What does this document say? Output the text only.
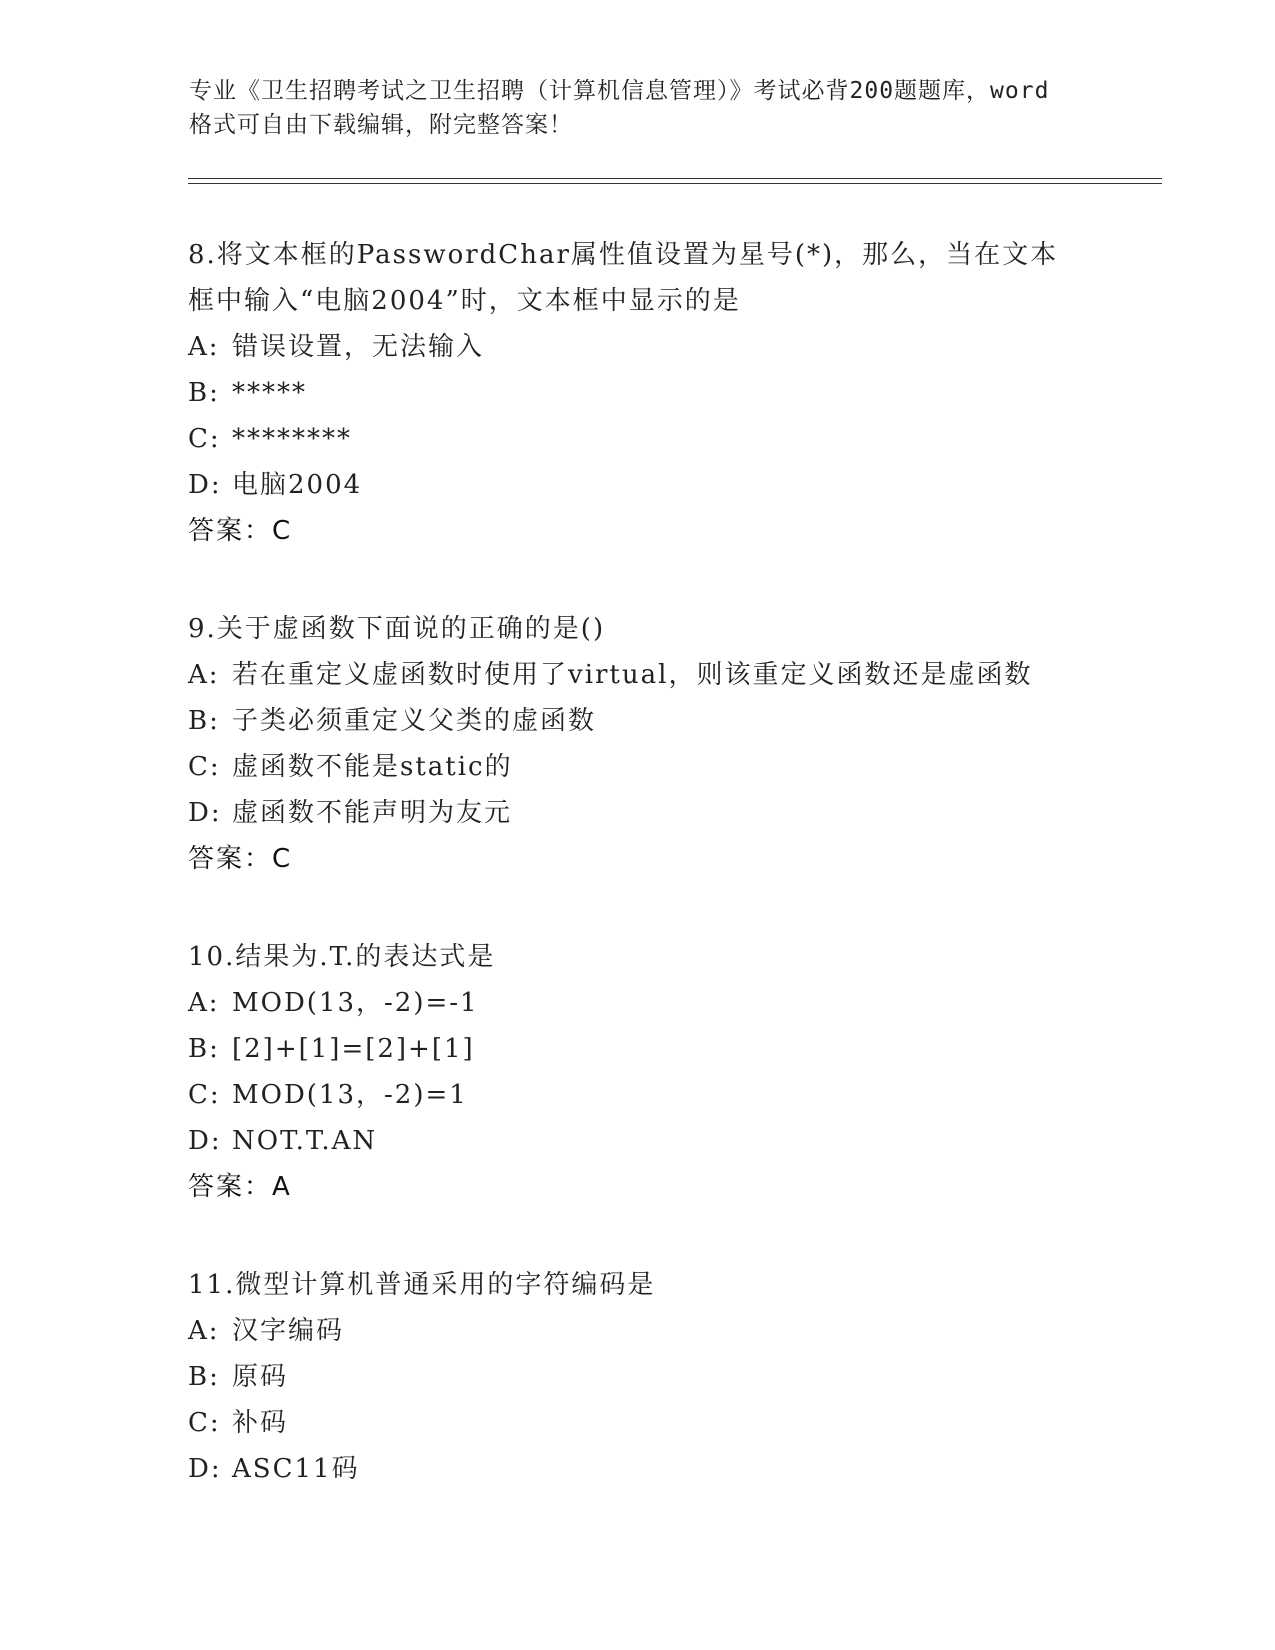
专业《卫生招聘考试之卫生招聘（计算机信息管理）》考试必背200题题库，word
格式可自由下载编辑，附完整答案！
8.将文本框的PasswordChar属性值设置为星号(*)，那么，当在文本
框中输入“电脑2004”时，文本框中显示的是
A: 错误设置，无法输入
B: *****
C: ********
D: 电脑2004
答案：C
9.关于虚函数下面说的正确的是()
A: 若在重定义虚函数时使用了virtual，则该重定义函数还是虚函数
B: 子类必须重定义父类的虚函数
C: 虚函数不能是static的
D: 虚函数不能声明为友元
答案：C
10.结果为.T.的表达式是
A: MOD(13，-2)=-1
B: [2]+[1]=[2]+[1]
C: MOD(13，-2)=1
D: NOT.T.AN
答案：A
11.微型计算机普通采用的字符编码是
A: 汉字编码
B: 原码
C: 补码
D: ASC11码
